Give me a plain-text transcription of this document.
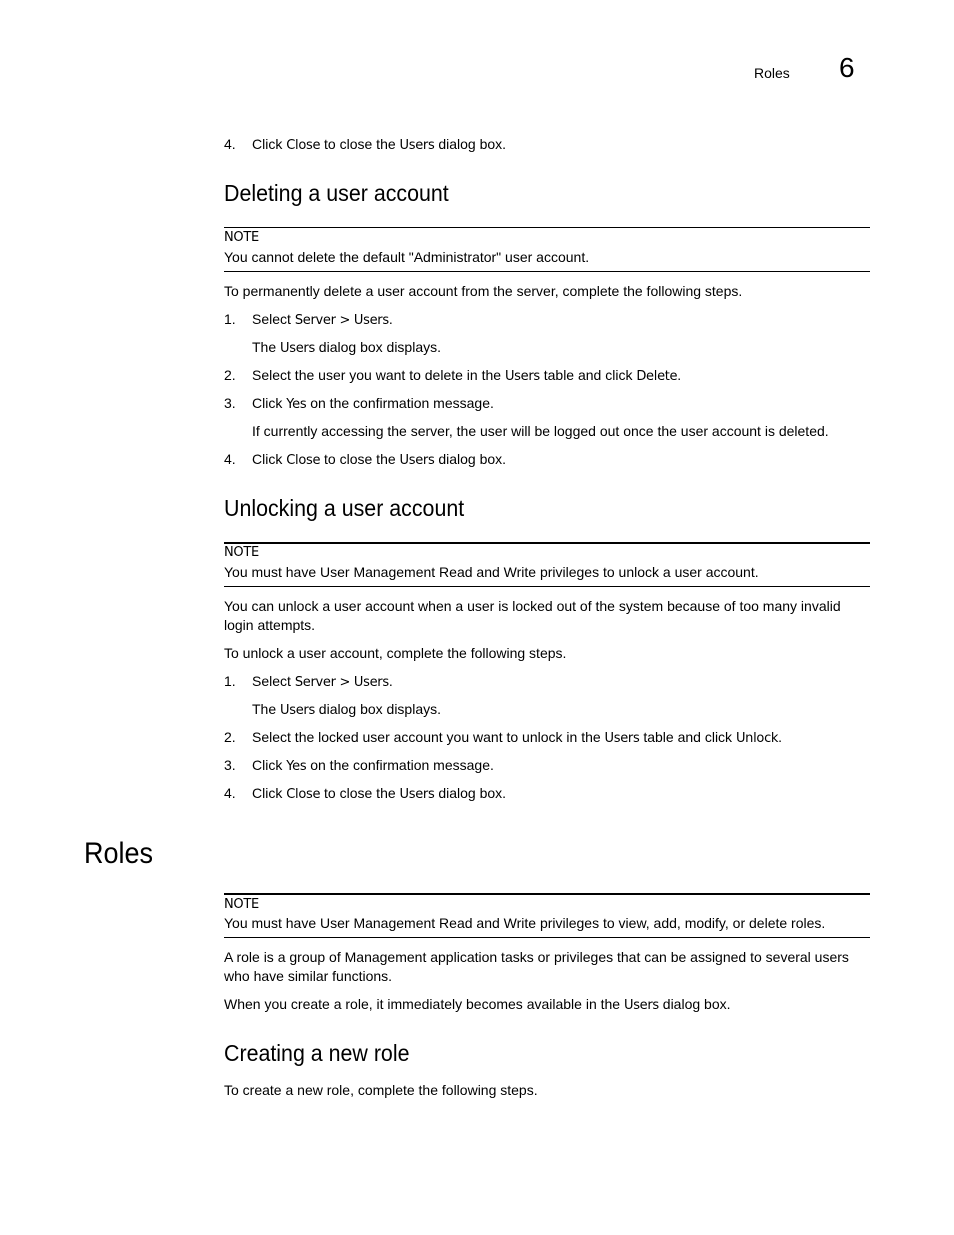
Roles 6
4. Click Close to close the Users dialog box.
Deleting a user account
NOTE
You cannot delete the default "Administrator" user account.
To permanently delete a user account from the server, complete the following steps.
1. Select Server > Users.
The Users dialog box displays.
2. Select the user you want to delete in the Users table and click Delete.
3. Click Yes on the confirmation message.
If currently accessing the server, the user will be logged out once the user account is deleted.
4. Click Close to close the Users dialog box.
Unlocking a user account
NOTE
You must have User Management Read and Write privileges to unlock a user account.
You can unlock a user account when a user is locked out of the system because of too many invalid login attempts.
To unlock a user account, complete the following steps.
1. Select Server > Users.
The Users dialog box displays.
2. Select the locked user account you want to unlock in the Users table and click Unlock.
3. Click Yes on the confirmation message.
4. Click Close to close the Users dialog box.
Roles
NOTE
You must have User Management Read and Write privileges to view, add, modify, or delete roles.
A role is a group of Management application tasks or privileges that can be assigned to several users who have similar functions.
When you create a role, it immediately becomes available in the Users dialog box.
Creating a new role
To create a new role, complete the following steps.
